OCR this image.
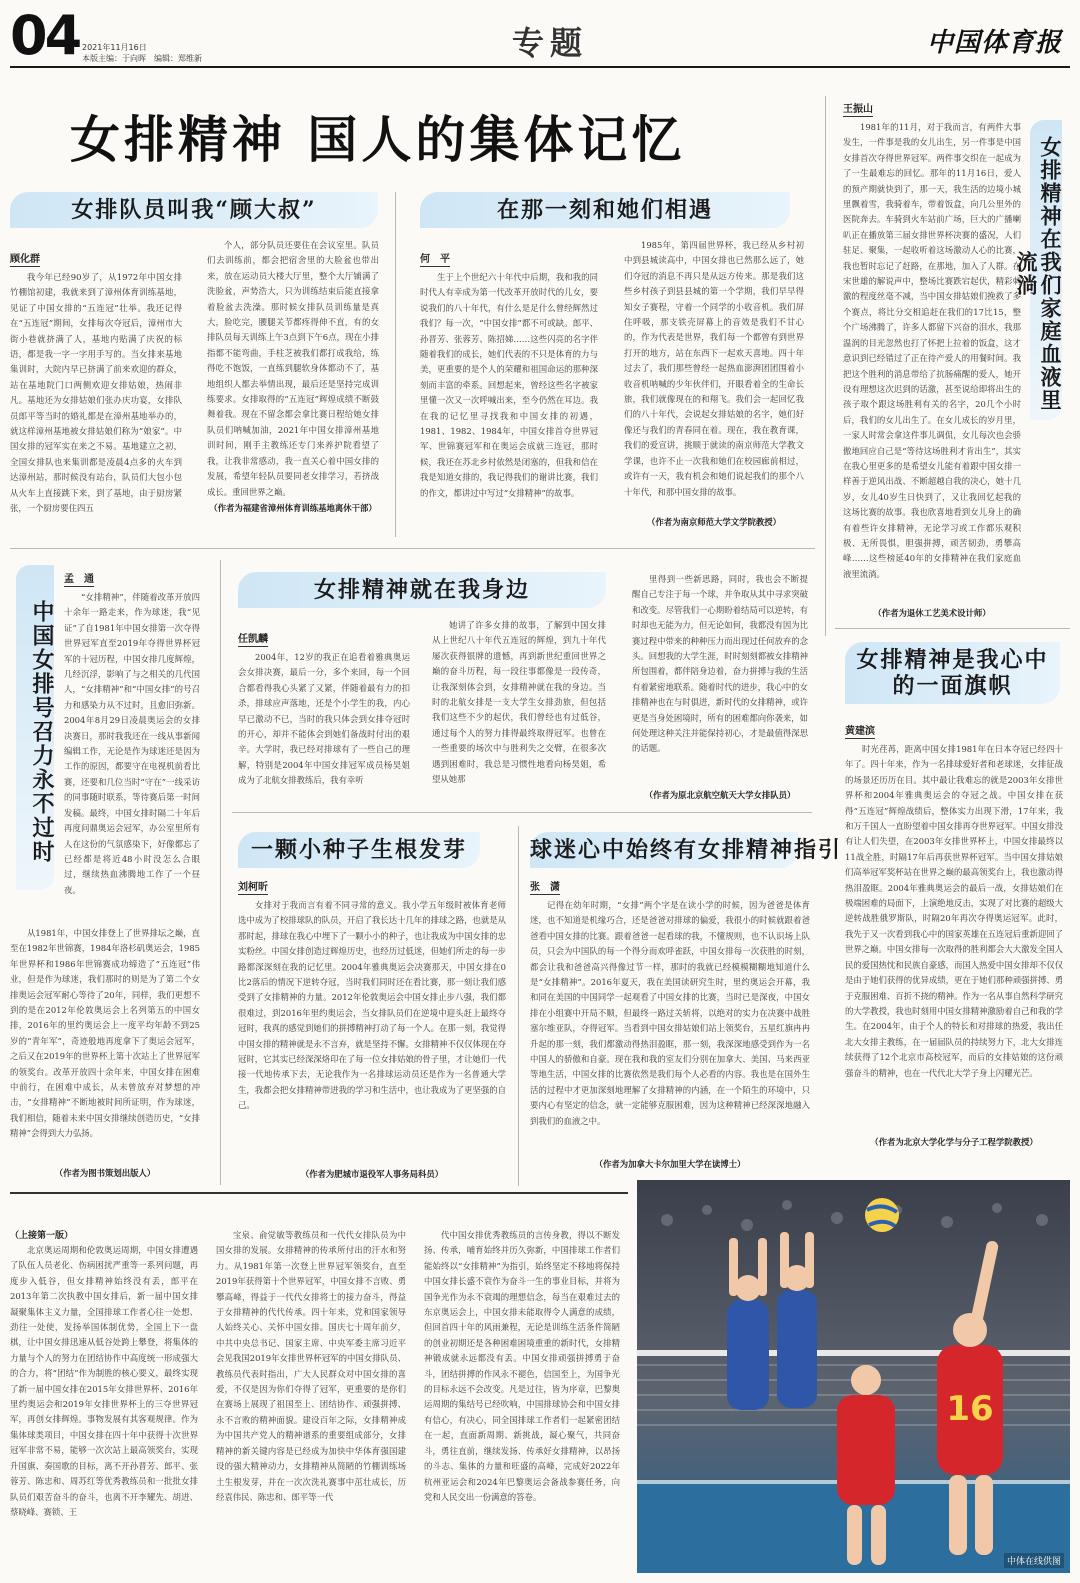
04 2021年11月16日
本版主编：于向晖　 编辑：郑维新	专题	中国体育报
女排精神 国人的集体记忆
女排队员叫我“顾大叔”
顾化群
我今年已经90岁了，从1972年中国女排竹棚馆初建，我就来到了漳州体育训练基地，见证了中国女排的“五连冠”壮举。我还记得在“五连冠”期间，女排每次夺冠后，漳州市大街小巷就挤满了人，基地内贴满了庆祝的标语，都是我一字一字用手写的。当女排来基地集训时，大院内早已挤满了前来欢迎的群众，站在基地院门口两侧欢迎女排姑娘，热闹非凡。基地还为女排姑娘们张办庆功宴，女排队员郎平等当时的婚礼都是在漳州基地举办的，就这样漳州基地被女排姑娘们称为“娘家”。中国女排的冠军实在来之不易。基地建立之初，全国女排队也来集训都是凌晨4点多的火车到达漳州站，那时候没有站台，队员们大包小包从火车上直接跳下来，到了基地，由于厨房紧张，一个厨房要住四五
个人，部分队员还要住在会议室里。队员们去训练前，都会把宿舍里的大脸盆也带出来，放在运动员大楼大厅里，整个大厅铺满了洗脸盆，声势浩大，只为训练结束后能直接拿着脸盆去洗澡。那时候女排队员训练量是真大，脸吃完，腰腿关节都疼得伸不直，有的女排队员每天训练上午3点到下午6点，现在小排指都不能弯曲，手柱芝被我们都打成我给，练得吃不饱饭，一直练到腿软身体都动不了，基地组织人都去举情出现，最后还是坚持完成训练要求。女排取得的“五连冠”辉煌成绩不断鼓舞着我。现在不留念都会拿比赛日程给她女排队员们呐喊加油，2021年中国女排漳州基地训时间，刚手主教练还专门来养护院看望了我，让我非常感动，我一直关心着中国女排的发展，希望年轻队员要同老女排学习，若挤战成长。重回世界之巅。
（作者为福建省漳州体育训练基地离休干部）
在那一刻和她们相遇
何　平
生于上个世纪六十年代中后期，我和我的同时代人有幸成为第一代改革开放时代的儿女，要说我们的八十年代，有什么是足什么曾经辉然过我们？每一次，“中国女排”都不可或缺。郎平、孙晋芳、张蓉芳、陈招娣……这些闪亮的名字伴随着我们的成长，她们代表的不只是体育的力与美，更重要的是个人的荣耀和祖国命运的那种深刻而丰富的牵系。回想起来，曾经这些名字被家里懂一次又一次呼喊出来，至今仍然在耳边。我在我的记忆里寻找我和中国女排的初遇，1981、1982、1984年，中国女排首夺世界冠军、世锦赛冠军和在奥运会成就三连冠，那时候，我还在苏北乡村依然是闭塞的，但我和信在我是知道女排的，我记得我们的谢讲比赛，我们的作文，都讲过中写过“女排精神”的故事。
1985年，第四届世界杯，我已经从乡村初中到县城读高中，中国女排也已然那么远了，她们夺冠的消息不再只是从远方传来。那是我们这些乡村孩子到县县城的第一个学期，我们早早得知女子赛程，守着一个同学的小收音机。我们屏住呼吸，那支铁壳屏幕上的音效是我们不甘心的，作为代表是世界，我们每一个都曾有到世界打开的地方，站在东西下一起欢天喜地。四十年过去了，我们那些曾经一起热血澎湃团团围着小收音机呐喊的少年伙伴们，开眼看着全的生命长旅，我们就像现在的和翔飞。我们会一起回忆我们的八十年代，会说起女排姑娘的名字，她们好像还与我们的青春同在着。现在，我在教育课，我们的爱宣讲，挑顺于就读的南京师范大学教文学课，也许不止一次我和她们在校园廊前相过，或许有一天，我有机会和她们说起我们的那个八十年代，和那中国女排的故事。
（作者为南京师范大学文学院教授）
王振山
1981年的11月，对于我而言，有两件大事发生，一件事是我的女儿出生，另一件事是中国女排首次夺得世界冠军。两件事交织在一起成为了一生最难忘的回忆。那年的11月16日，爱人的预产期就快到了，那一天，我生活的边境小城里飘着雪，我骑着车，带着饭盒，向几公里外的医院奔去。车骑到火车站前广场，巨大的广播喇叭正在播放第三届女排世界杯决赛的盛况，人们驻足、聚集，一起收听着这场激动人心的比赛，我也暂时忘记了赶路，在那地，加入了人群。在宋世雄的解说声中，整场比赛跌宕起伏，精彩刺激的程度丝毫不减，当中国女排姑娘们挽救了多个赛点，将比分交相追赶在我们的17比15，整个广场沸腾了，许多人都留下兴奋的泪水，我那温润的目光忽然也打了怀把上拉着的饭盒，这才意识到已经错过了正在待产爱人的用餐时间。我把这个胜利的消息带给了抗肠痛醒的爱人，她开设有理想这次迟到的话激，甚至说给即将出生的孩子取个跟这场胜利有关的名字，20几个小时后，我们的女儿出生了。在女儿成长的岁月里，一家人时常会拿这件事儿调侃，女儿每次也会骄傲地回应自己是“等待这场胜利才肯出生”，其实在我心里更多的是希望女儿能有着跟中国女排一样善于逆风出战、不断超越自我的决心，她十几岁，女儿40岁生日快到了，又让我回忆起我的这场比赛的故事。我也欣喜地看到女儿身上的确有着些许女排精神，无论学习或工作都乐观积极、无所畏惧，胆强拼搏，顽苦韧劲，勇攀高峰……这些榜延40年的女排精神在我们家庭血液里流淌。
女排精神在我们家庭血液里流淌
（作者为退休工艺美术设计师）
中国女排号召力永不过时
孟　通
“女排精神”，伴随着改革开放四十余年一路走来，作为球迷，我“见证”了自1981年中国女排第一次夺得世界冠军直至2019年夺得世界杯冠军的十冠历程，中国女排几度辉煌，几经沉浮，影响了与之相关的几代国人，“女排精神”和“中国女排”的号召力和感染力从不过时，且愈旧弥新。2004年8月29日凌晨奥运会的女排决赛日，那时我我还在一线从事新闻编辑工作，无论是作为球迷还是因为工作的原因，都要守在电视机前看比赛，还要和几位当时“守在”一线采访的同事随时联系，等待赛后第一时间发稿。最终，中国女排时隔二十年后再度问鼎奥运会冠军，办公室里所有人在这份的气氛感染下，好像都忘了已经都是将近48小时没怎么合眼过，继续热血沸腾地工作了一个昼夜。
从1981年，中国女排登上了世界排坛之巅，直至在1982年世锦赛，1984年洛杉矶奥运会，1985年世界杯和1986年世锦赛成功缔造了“五连冠”伟业，但是作为球迷，我们那时的则是为了第二个女排奥运会冠军耐心等待了20年，同样，我们更想不到的是在2012年伦敦奥运会上名列第五的中国女排，2016年的里约奥运会上一度平均年龄不到25岁的“青年军”，奇迹般地再度拿下了奥运会冠军，之后又在2019年的世界杯上第十次站上了世界冠军的领奖台。改革开放四十余年来，中国女排在困难中前行，在困难中成长，从未曾放弃对梦想的冲击，“女排精神”不断地被时间所证明，作为球迷，我们相信，随着未来中国女排继续创造历史，“女排精神”会得到大力弘扬。
（作者为图书策划出版人）
女排精神就在我身边
任凯麟
2004年，12岁的我正在追看着雅典奥运会女排决赛，最后一分，多个来回，每一个回合都看得我心头紧了又紧，伴随着最有力的扣杀，排球应声落地，还是个小学生的我，内心早已激动不已，当时的我只体会到女排夺冠时的开心，却并不能体会到她们备战时付出的艰辛。大学时，我已经对排球有了一些自己的理解，特别是2004年中国女排冠军成员杨昊姐成为了北航女排教练后，我有幸听
她讲了许多女排的故事，了解到中国女排从上世纪八十年代五连冠的辉煌，到九十年代屡次获得银牌的遗憾，再到新世纪重回世界之巅的奋斗历程，每一段往事都像是一段传奇，让我深刻体会到，女排精神就在我的身边。当时的北航女排是一支大学生女排劲旅，但包括我们这些不少的起伏，我们曾经也有过低谷，通过每个人的努力排得最终取得冠军。也曾在一些重要的场次中与胜利失之交臂，在很多次遇到困难时，我总是习惯性地看向杨昊姐，希望从她那
里得到一些新思路，同时，我也会不断提醒自己专注于每一个球，并争取从其中寻求突破和改变。尽管我们一心期盼着结局可以逆转，有时却也无能为力，但无论如何，我都没有因为比赛过程中带来的种种压力而出现过任何放弃的念头。回想我的大学生涯，时时刻刻都被女排精神所包围着，都伴陪身边着，奋力拼搏与我的生活有着紧密地联系。随着时代的进步，我心中的女排精神也在与时俱进，新时代的女排精神，或许更是当身处困境时，所有的困难都向你袭来，如何处理这种关注并能保持初心，才是最值得深思的话题。
（作者为原北京航空航天大学女排队员）
一颗小种子生根发芽
刘柯昕
女排对于我而言有着不同寻常的意义。我小学五年级时被体育老师选中成为了校排球队的队员，开启了我长达十几年的排球之路，也就是从那时起，排球在我心中埋下了一颗小小的种子，也让我成为中国女排的忠实粉丝。中国女排创造过辉煌历史，也经历过低迷，但她们所走的每一步路都深深刻在我的记忆里。2004年雅典奥运会决赛那天，中国女排在0比2落后的情况下逆转夺冠，当时我们同时还在看比赛，那一刻让我们感受到了女排精神的力量。2012年伦敦奥运会中国女排止步八强，我们都很难过，到2016年里约奥运会，当女排队员们在逆境中迎头赶上最终夺冠时，我真的感觉到她们的拼搏精神打动了每一个人。在那一刻，我觉得中国女排的精神就是永不言弃，就是坚持不懈。女排精神不仅仅体现在夺冠时，它其实已经深深烙印在了每一位女排姑娘的骨子里，才让她们一代接一代地传承下去，无论我作为一名排球运动员还是作为一名普通大学生，我都会把女排精神带进我的学习和生活中，也让我成为了更坚强的自己。
（作者为肥城市退役军人事务局科员）
球迷心中始终有女排精神指引
张　潇
记得在幼年时期，“女排”两个字是在读小学的时候，因为爸爸是体育迷，也不知道是机缘巧合，还是爸爸对排球的偏爱，我很小的时候就跟着爸爸看中国女排的比赛。跟着爸爸一起看球的我，不懂规则，也不认识场上队员，只会为中国队的每一个得分而欢呼雀跃，中国女排每一次获胜的时刻，都会让我和爸爸高兴得像过节一样，那时的我就已经模模糊糊地知道什么是“女排精神”。2016年夏天，我在美国读研究生时，里约奥运会开幕，我和同在美国的中国同学一起观看了中国女排的比赛，当时已是深夜，中国女排在小组赛中开局不顺，但最终一路过关斩将，以绝对的实力在决赛中战胜塞尔维亚队，夺得冠军。当看到中国女排姑娘们站上领奖台，五星红旗冉冉升起的那一刻，我们都激动得热泪盈眶，那一刻，我深深地感受到作为一名中国人的骄傲和自豪。现在我和我的室友们分别在加拿大、美国、马来西亚等地生活，中国女排的比赛依然是我们每个人必看的内容。我也是在国外生活的过程中才更加深刻地理解了女排精神的内涵，在一个陌生的环境中，只要内心有坚定的信念，就一定能够克服困难，因为这种精神已经深深地融入到我们的血液之中。
（作者为加拿大卡尔加里大学在读博士）
女排精神是我心中的一面旗帜
黄建滨
时光荏苒，距离中国女排1981年在日本夺冠已经四十年了。四十年来，作为一名排球爱好者和老球迷，女排征战的场景还历历在目。其中最让我难忘的就是2003年女排世界杯和2004年雅典奥运会的夺冠之战。中国女排在获得“五连冠”辉煌战绩后，整体实力出现下滑，17年来，我和万千国人一直盼望着中国女排再夺世界冠军。中国女排没有让人们失望，在2003年女排世界杯上，中国女排最终以11战全胜，时隔17年后再获世界杯冠军。当中国女排姑娘们高举冠军奖杯站在世界之巅的最高领奖台上，我也激动得热泪盈眶。2004年雅典奥运会的最后一战，女排姑娘们在极端困难的局面下，上演绝地反击，实现了对比赛的超级大逆转战胜俄罗斯队，时隔20年再次夺得奥运冠军。此时，我先于又一次看到我心中的国家英雄在五连冠后重新迎回了世界之巅。中国女排每一次取得的胜利都会大大激发全国人民的爱国热忱和民族自豪感，而国人热爱中国女排却不仅仅是由于她们获得的优异成绩，更在于她们那种顽强拼搏、勇于克服困难、百折不挠的精神。作为一名从事自然科学研究的大学教授，我也时刻用中国女排精神激励着自己和我的学生。在2004年，由于个人的特长和对排球的热爱，我出任北大女排主教练，在一届届队员的持续努力下，北大女排连续获得了12个北京市高校冠军，而后的女排姑娘的这份顽强奋斗的精神，也在一代代北大学子身上闪耀光芒。
（作者为北京大学化学与分子工程学院教授）
（上接第一版）
北京奥运周期和伦敦奥运周期，中国女排遭遇了队伍人员老化、伤病困扰严重等一系列问题，再度步入低谷，但女排精神始终没有丢，郎平在2013年第二次执教中国女排后，新一届中国女排凝聚集体主义力量，全国排球工作者心往一处想、劲往一处使，发扬举国体制优势，全国上下一盘棋，让中国女排迅速从低谷处跨上攀登，将集体的力量与个人的努力在团结协作中高度统一形成强大的合力，将“团结”作为制胜的核心要义，最终实现了新一届中国女排在2015年女排世界杯、2016年里约奥运会和2019年女排世界杯上的三夺世界冠军，再创女排辉煌。事物发展有其客观规律。作为集体球类项目，中国女排在四十年中获得十次世界冠军非常不易，能够一次次站上最高领奖台，实现升国旗、奏国歌的目标，离不开孙晋芳、郎平、张蓉芳、陈忠和、周苏红等优秀教练员和一批批女排队员们艰苦奋斗的奋斗，也离不开李耀先、胡进、蔡晓峰、赛锁、王
宝泉、俞觉敏等教练员和一代代女排队员为中国女排的发展。女排精神的传承所付出的汗水和努力。从1981年第一次登上世界冠军领奖台，直至2019年获得第十个世界冠军，中国女排不言败、勇攀高峰，得益于一代代女排将士的接力奋斗，得益于女排精神的代代传承。四十年来，党和国家领导人始终关心、关怀中国女排。国庆七十周年前夕，中共中央总书记、国家主席、中央军委主席习近平会见我国2019年女排世界杯冠军的中国女排队员、教练员代表时指出，广大人民群众对中国女排的喜爱，不仅是因为你们夺得了冠军，更重要的是你们在赛场上展现了祖国至上、团结协作、顽强拼搏、永不言败的精神面貌。建设百年之际，女排精神成为中国共产党人的精神谱系的重要组成部分，女排精神的新关键内容是已经成为加快中华体育强国建设的强大精神动力，女排精神从简陋的竹棚训练场土生根发芽，并在一次次洗礼赛事中茁壮成长，历经袁伟民、陈忠和、郎平等一代
代中国女排优秀教练员的言传身教，得以不断发扬、传承，哺育始终并历久弥新，中国排球工作者们能始终以“女排精神”为指引，始终坚定不移地将保持中国女排长盛不衰作为奋斗一生的事业目标，并将为国争光作为永不衰竭的理想信念，每当在艰难过去的东京奥运会上，中国女排未能取得令人满意的成绩，但回首四十年的风雨兼程，无论是训练生活条件简陋的创业初期还是各种困难困境重重的新时代，女排精神锻成就永远都没有丢。中国女排顽强拼搏勇于奋斗，团结拼搏的作风永不褪色，信国至上，为国争光的目标永远不会改变。凡是过往，皆为序章，巴黎奥运周期的集结号已经吹响，中国排球协会和中国女排有信心，有决心，同全国排球工作者们一起紧密团结在一起，直面新周期、新挑战，凝心聚气，共同奋斗，勇往直前，继续发扬、传承好女排精神，以昂扬的斗志、集体的力量和旺盛的高峰，完成好2022年杭州亚运会和2024年巴黎奥运会备战参赛任务，向党和人民交出一份满意的答卷。
16
中体在线供图
